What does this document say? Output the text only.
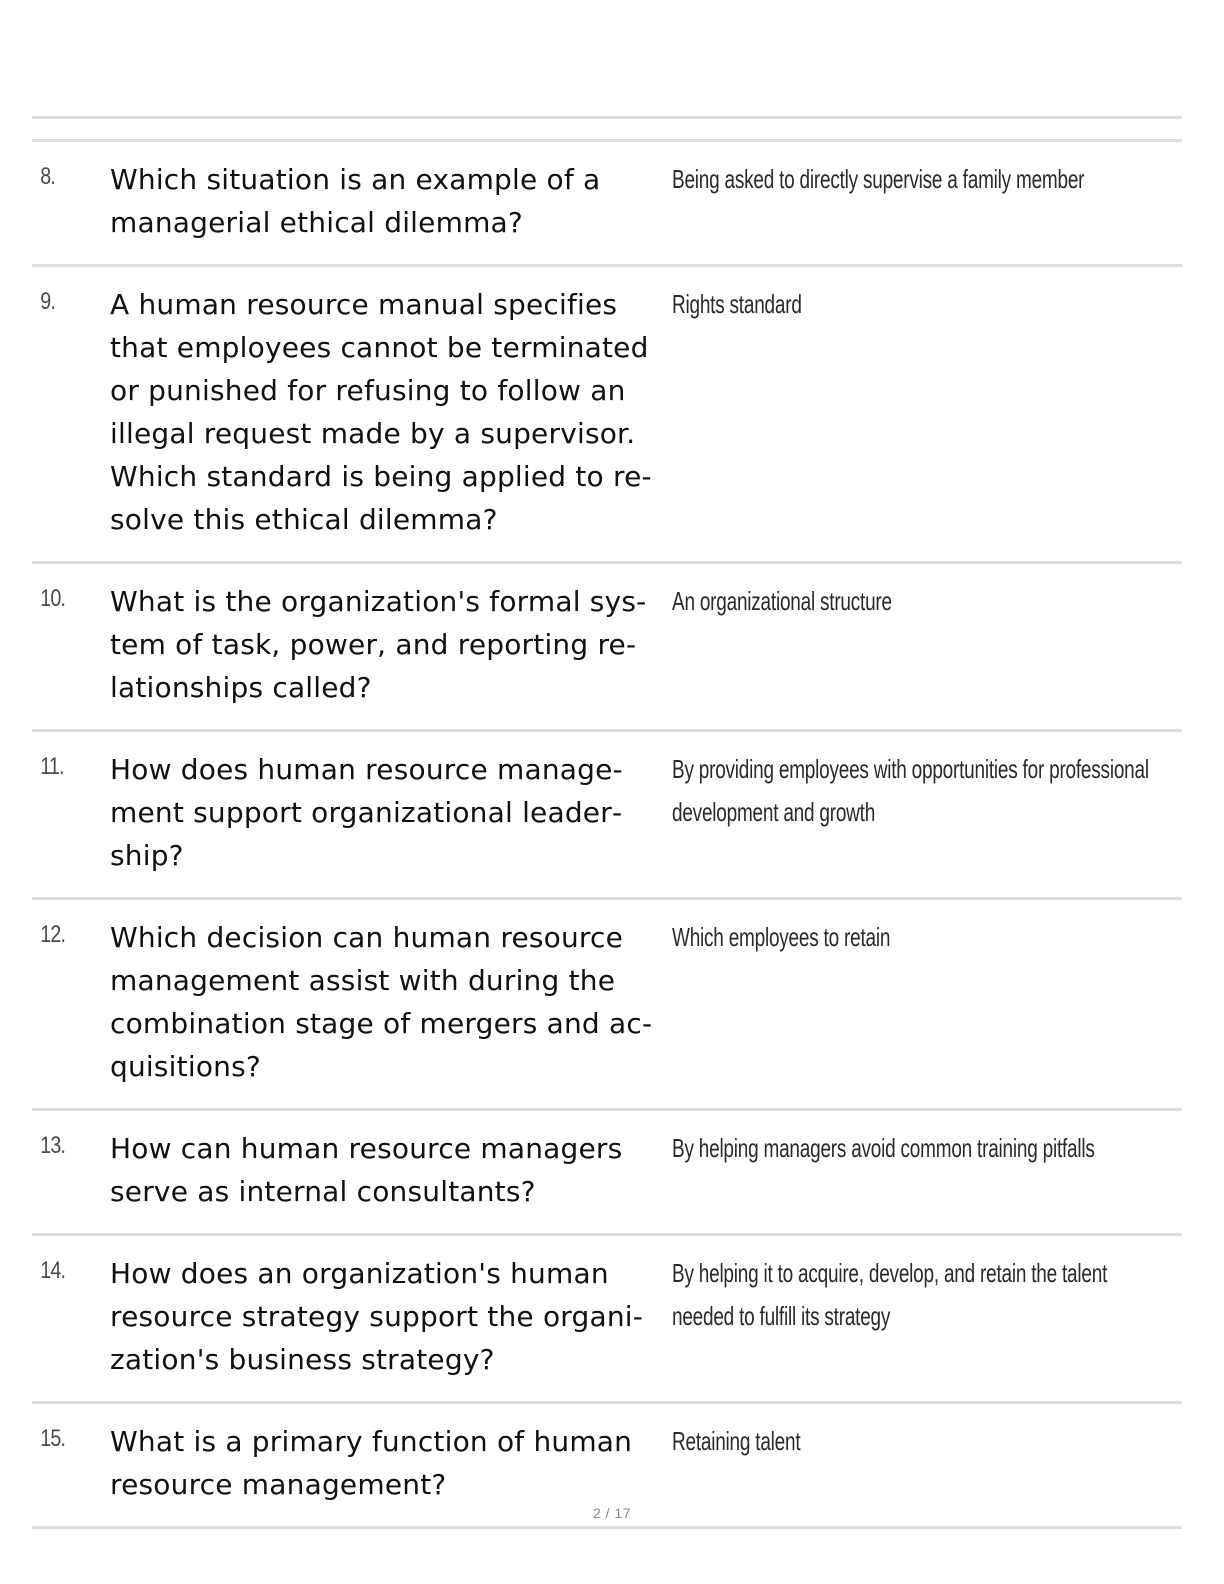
8.	Which situation is an example of a managerial ethical dilemma?	Being asked to directly supervise a family member

9.	A human resource manual specifies that employees cannot be terminated or punished for refusing to follow an illegal request made by a supervisor. Which standard is being applied to resolve this ethical dilemma?	Rights standard

10.	What is the organization's formal system of task, power, and reporting relationships called?	An organizational structure

11.	How does human resource management support organizational leadership?	By providing employees with opportunities for professional development and growth

12.	Which decision can human resource management assist with during the combination stage of mergers and acquisitions?	Which employees to retain

13.	How can human resource managers serve as internal consultants?	By helping managers avoid common training pitfalls

14.	How does an organization's human resource strategy support the organization's business strategy?	By helping it to acquire, develop, and retain the talent needed to fulfill its strategy

15.	What is a primary function of human resource management?	Retaining talent
2 / 17
